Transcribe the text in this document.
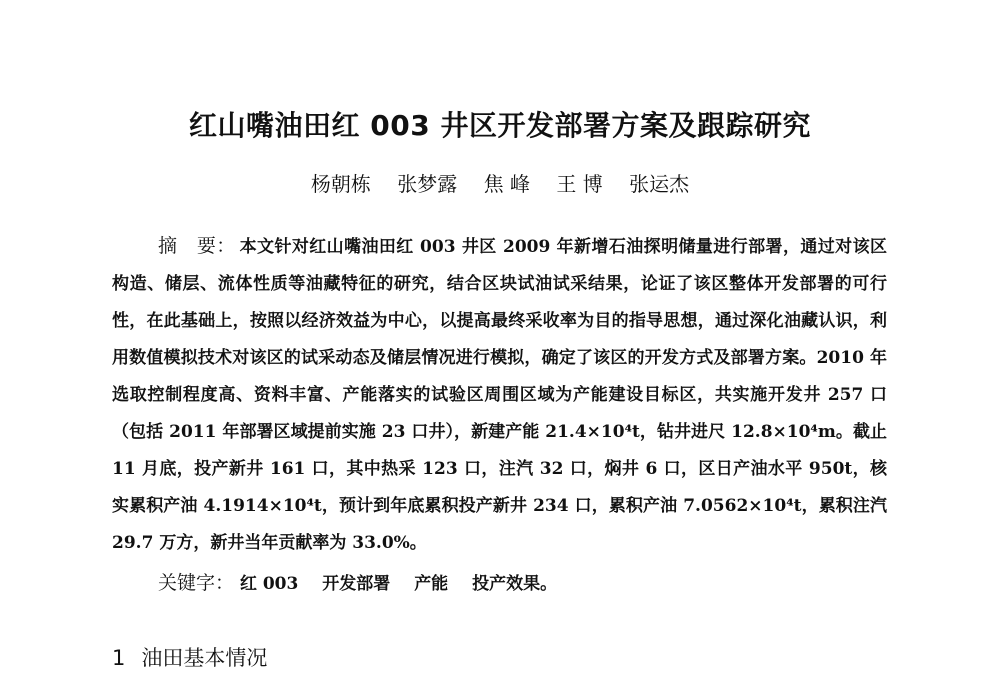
红山嘴油田红 003 井区开发部署方案及跟踪研究
杨朝栋 张梦露 焦 峰 王 博 张运杰
摘　要： 本文针对红山嘴油田红 003 井区 2009 年新增石油探明储量进行部署，通过对该区构造、储层、流体性质等油藏特征的研究，结合区块试油试采结果，论证了该区整体开发部署的可行性，在此基础上，按照以经济效益为中心，以提高最终采收率为目的指导思想，通过深化油藏认识，利用数值模拟技术对该区的试采动态及储层情况进行模拟，确定了该区的开发方式及部署方案。2010 年选取控制程度高、资料丰富、产能落实的试验区周围区域为产能建设目标区，共实施开发井 257 口（包括 2011 年部署区域提前实施 23 口井），新建产能 21.4×10⁴t，钻井进尺 12.8×10⁴m。截止 11 月底，投产新井 161 口，其中热采 123 口，注汽 32 口，焖井 6 口，区日产油水平 950t，核实累积产油 4.1914×10⁴t，预计到年底累积投产新井 234 口，累积产油 7.0562×10⁴t，累积注汽 29.7 万方，新井当年贡献率为 33.0%。
关键字： 红 003 开发部署 产能 投产效果。
1 油田基本情况
